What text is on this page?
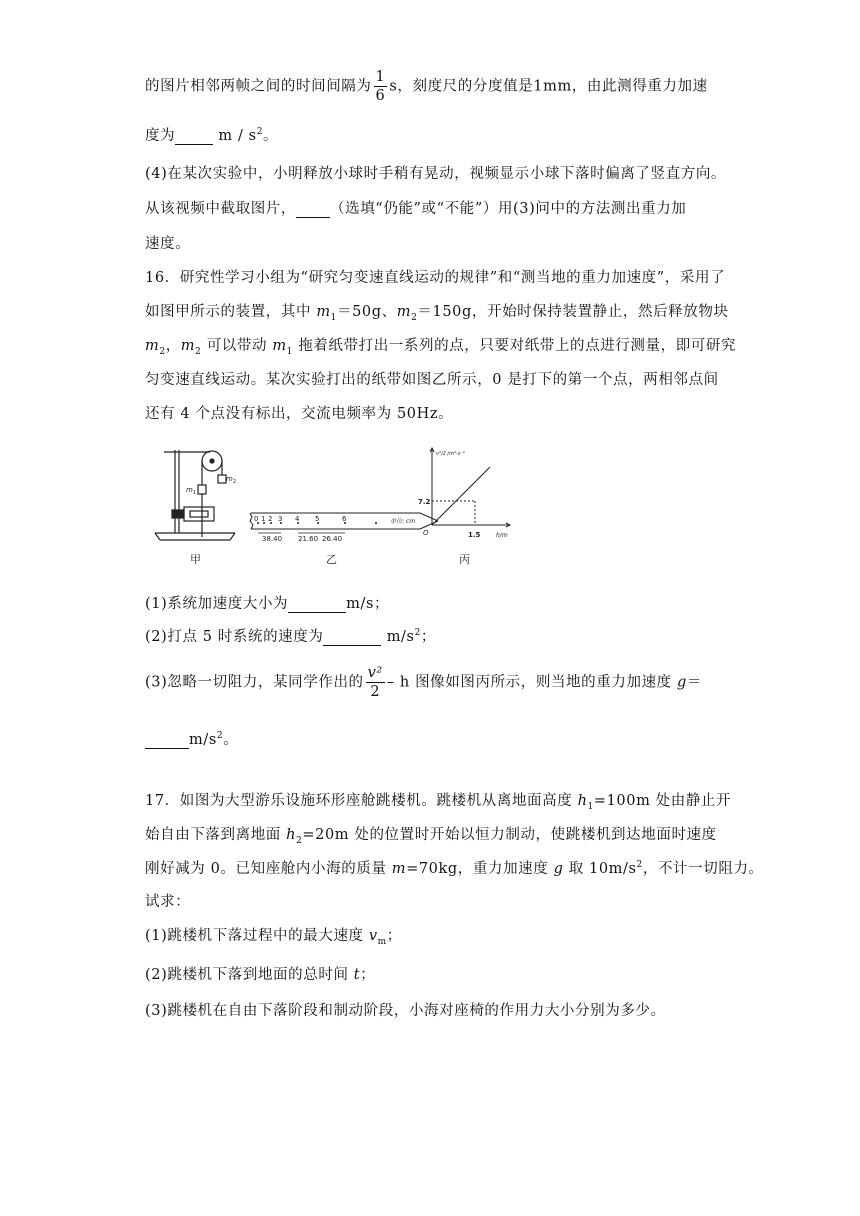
的图片相邻两帧之间的时间间隔为 $\frac{1}{6}$ s，刻度尺的分度值是1mm，由此测得重力加速
度为	m / $s^2$。
(4)在某次实验中，小明释放小球时手稍有晃动，视频显示小球下落时偏离了竖直方向。
从该视频中截取图片， （选填“仍能”或“不能”）用(3)问中的方法测出重力加
速度。
16．研究性学习小组为“研究匀变速直线运动的规律”和“测当地的重力加速度”，采用了
如图甲所示的装置，其中 $m_1=50g$、$m_2=150g$，开始时保持装置静止，然后释放物块
$m_2$，$m_2$ 可以带动 $m_1$ 拖着纸带打出一系列的点，只要对纸带上的点进行测量，即可研究
匀变速直线运动。某次实验打出的纸带如图乙所示，0 是打下的第一个点，两相邻点间
还有 4 个点没有标出，交流电频率为 50Hz。
$m_2$
$m_1$
甲
0 1 2 3 4 5	6	单位: cm
38.40 21.60 26.40
乙
v²/2 /m²·s⁻²
h/m
O
7.2
1.5
丙
(1)系统加速度大小为	m/s；
(2)打点 5 时系统的速度为	$m/s^2$；
(3)忽略一切阻力，某同学作出的 $\frac{\text{v²}}{2}$ – h 图像如图丙所示，则当地的重力加速度 g＝
$m/s^2$。
17．如图为大型游乐设施环形座舱跳楼机。跳楼机从离地面高度 $h_1=100m$ 处由静止开
始自由下落到离地面 $h_2=20m$ 处的位置时开始以恒力制动，使跳楼机到达地面时速度
刚好减为 0。已知座舱内小海的质量 m=70kg，重力加速度 g 取 $10m/s^2$，不计一切阻力。
试求：
(1)跳楼机下落过程中的最大速度 $v_m$；
(2)跳楼机下落到地面的总时间 t；
(3)跳楼机在自由下落阶段和制动阶段，小海对座椅的作用力大小分别为多少。
